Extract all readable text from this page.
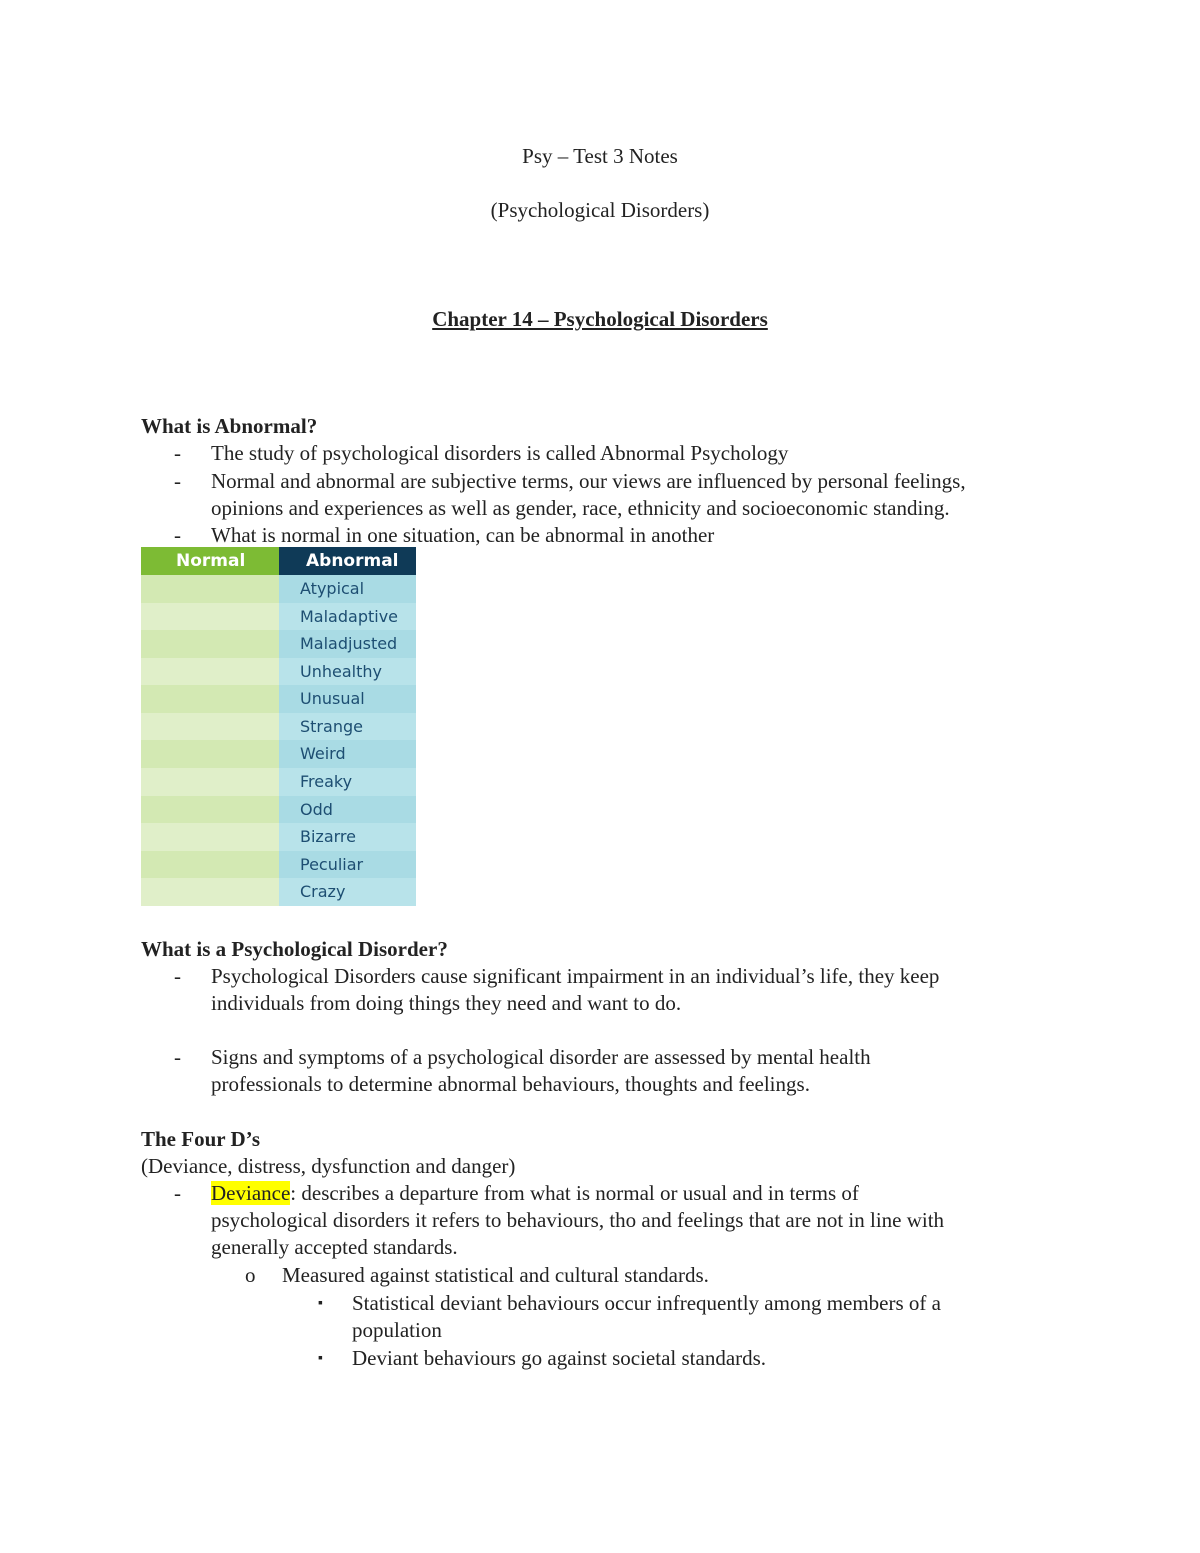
Psy – Test 3 Notes
(Psychological Disorders)
Chapter 14 – Psychological Disorders
What is Abnormal?
- The study of psychological disorders is called Abnormal Psychology
- Normal and abnormal are subjective terms, our views are influenced by personal feelings,
opinions and experiences as well as gender, race, ethnicity and socioeconomic standing.
- What is normal in one situation, can be abnormal in another
Normal	Abnormal
Atypical
Maladaptive
Maladjusted
Unhealthy
Unusual
Strange
Weird
Freaky
Odd
Bizarre
Peculiar
Crazy
What is a Psychological Disorder?
- Psychological Disorders cause significant impairment in an individual’s life, they keep
individuals from doing things they need and want to do.
- Signs and symptoms of a psychological disorder are assessed by mental health
professionals to determine abnormal behaviours, thoughts and feelings.
The Four D’s
(Deviance, distress, dysfunction and danger)
- Deviance: describes a departure from what is normal or usual and in terms of
psychological disorders it refers to behaviours, tho and feelings that are not in line with
generally accepted standards.
o Measured against statistical and cultural standards.
▪ Statistical deviant behaviours occur infrequently among members of a
population
▪ Deviant behaviours go against societal standards.
